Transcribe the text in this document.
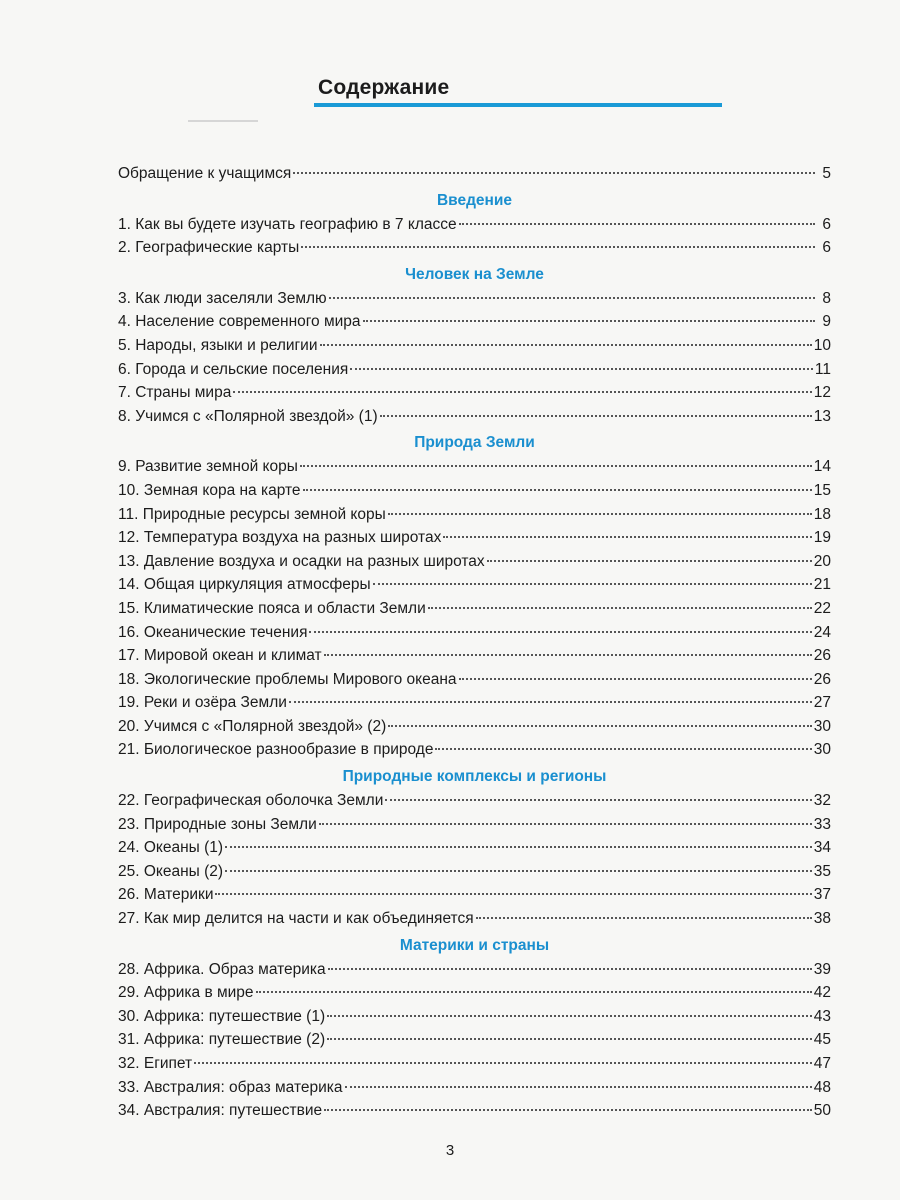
Содержание
Обращение к учащимся	5
Введение
1. Как вы будете изучать географию в 7 классе	6
2. Географические карты	6
Человек на Земле
3. Как люди заселяли Землю	8
4. Население современного мира	9
5. Народы, языки и религии	10
6. Города и сельские поселения	11
7. Страны мира	12
8. Учимся с «Полярной звездой» (1)	13
Природа Земли
9. Развитие земной коры	14
10. Земная кора на карте	15
11. Природные ресурсы земной коры	18
12. Температура воздуха на разных широтах	19
13. Давление воздуха и осадки на разных широтах	20
14. Общая циркуляция атмосферы	21
15. Климатические пояса и области Земли	22
16. Океанические течения	24
17. Мировой океан и климат	26
18. Экологические проблемы Мирового океана	26
19. Реки и озёра Земли	27
20. Учимся с «Полярной звездой» (2)	30
21. Биологическое разнообразие в природе	30
Природные комплексы и регионы
22. Географическая оболочка Земли	32
23. Природные зоны Земли	33
24. Океаны (1)	34
25. Океаны (2)	35
26. Материки	37
27. Как мир делится на части и как объединяется	38
Материки и страны
28. Африка. Образ материка	39
29. Африка в мире	42
30. Африка: путешествие (1)	43
31. Африка: путешествие (2)	45
32. Египет	47
33. Австралия: образ материка	48
34. Австралия: путешествие	50
3
